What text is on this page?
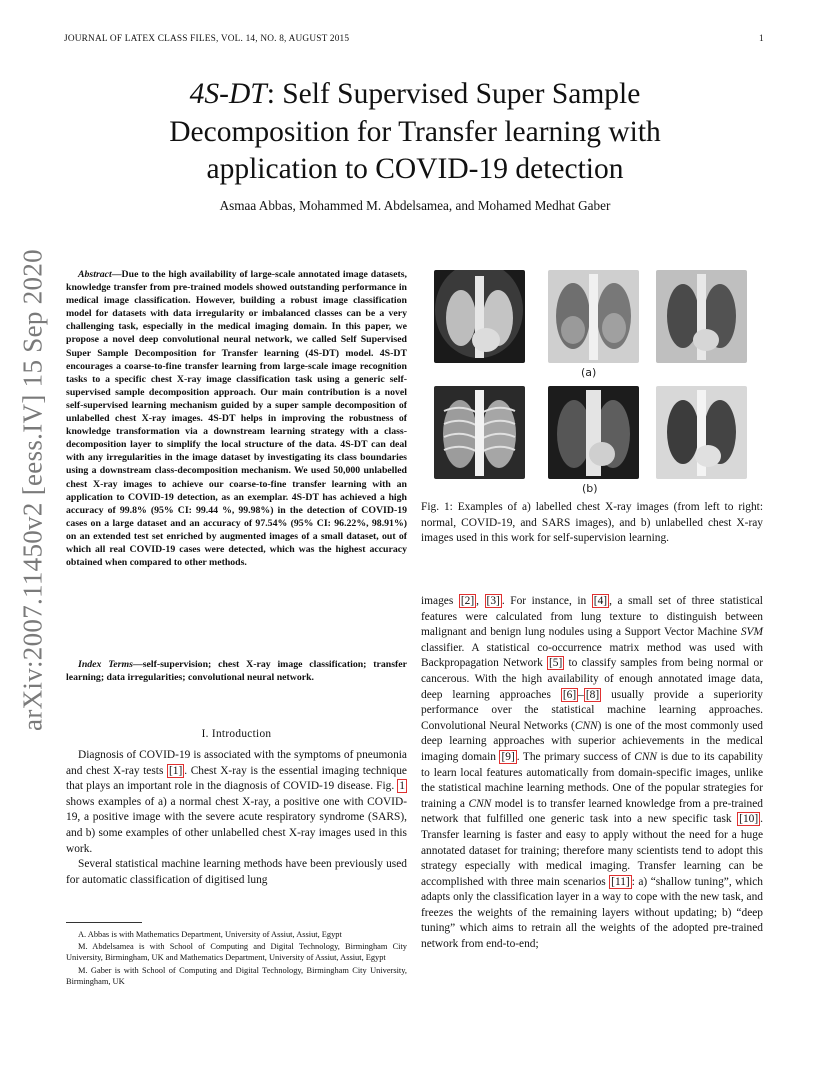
JOURNAL OF LATEX CLASS FILES, VOL. 14, NO. 8, AUGUST 2015	1
arXiv:2007.11450v2 [eess.IV] 15 Sep 2020
4S-DT: Self Supervised Super Sample
Decomposition for Transfer learning with
application to COVID-19 detection
Asmaa Abbas, Mohammed M. Abdelsamea, and Mohamed Medhat Gaber
Abstract—Due to the high availability of large-scale annotated image datasets, knowledge transfer from pre-trained models showed outstanding performance in medical image classification. However, building a robust image classification model for datasets with data irregularity or imbalanced classes can be a very challenging task, especially in the medical imaging domain. In this paper, we propose a novel deep convolutional neural network, we called Self Supervised Super Sample Decomposition for Transfer learning (4S-DT) model. 4S-DT encourages a coarse-to-fine transfer learning from large-scale image recognition tasks to a specific chest X-ray image classification task using a generic self-supervised sample decomposition approach. Our main contribution is a novel self-supervised learning mechanism guided by a super sample decomposition of unlabelled chest X-ray images. 4S-DT helps in improving the robustness of knowledge transformation via a downstream learning strategy with a class-decomposition layer to simplify the local structure of the data. 4S-DT can deal with any irregularities in the image dataset by investigating its class boundaries using a downstream class-decomposition mechanism. We used 50,000 unlabelled chest X-ray images to achieve our coarse-to-fine transfer learning with an application to COVID-19 detection, as an exemplar. 4S-DT has achieved a high accuracy of 99.8% (95% CI: 99.44 %, 99.98%) in the detection of COVID-19 cases on a large dataset and an accuracy of 97.54% (95% CI: 96.22%, 98.91%) on an extended test set enriched by augmented images of a small dataset, out of which all real COVID-19 cases were detected, which was the highest accuracy obtained when compared to other methods.
Index Terms—self-supervision; chest X-ray image classification; transfer learning; data irregularities; convolutional neural network.
I. Introduction

Diagnosis of COVID-19 is associated with the symptoms of pneumonia and chest X-ray tests [1] . Chest X-ray is the essential imaging technique that plays an important role in the diagnosis of COVID-19 disease. Fig. 1 shows examples of a) a normal chest X-ray, a positive one with COVID-19, a positive image with the severe acute respiratory syndrome (SARS), and b) some examples of other unlabelled chest X-ray images used in this work.

Several statistical machine learning methods have been previously used for automatic classification of digitised lung

A. Abbas is with Mathematics Department, University of Assiut, Assiut, Egypt

M. Abdelsamea is with School of Computing and Digital Technology, Birmingham City University, Birmingham, UK and Mathematics Department, University of Assiut, Assiut, Egypt

M. Gaber is with School of Computing and Digital Technology, Birmingham City University, Birmingham, UK

(a)
(b)
Fig. 1: Examples of a) labelled chest X-ray images (from left to right: normal, COVID-19, and SARS images), and b) unlabelled chest X-ray images used in this work for self-supervision learning.
images [2] , [3] . For instance, in [4] , a small set of three statistical features were calculated from lung texture to distinguish between malignant and benign lung nodules using a Support Vector Machine SVM classifier. A statistical co-occurrence matrix method was used with Backpropagation Network [5] to classify samples from being normal or cancerous. With the high availability of enough annotated image data, deep learning approaches [6] – [8] usually provide a superiority performance over the statistical machine learning approaches. Convolutional Neural Networks (CNN) is one of the most commonly used deep learning approaches with superior achievements in the medical imaging domain [9] . The primary success of CNN is due to its capability to learn local features automatically from domain-specific images, unlike the statistical machine learning methods. One of the popular strategies for training a CNN model is to transfer learned knowledge from a pre-trained network that fulfilled one generic task into a new specific task [10] . Transfer learning is faster and easy to apply without the need for a huge annotated dataset for training; therefore many scientists tend to adopt this strategy especially with medical imaging. Transfer learning can be accomplished with three main scenarios [11] : a) “shallow tuning”, which adapts only the classification layer in a way to cope with the new task, and freezes the weights of the remaining layers without updating; b) “deep tuning” which aims to retrain all the weights of the adopted pre-trained network from end-to-end;
